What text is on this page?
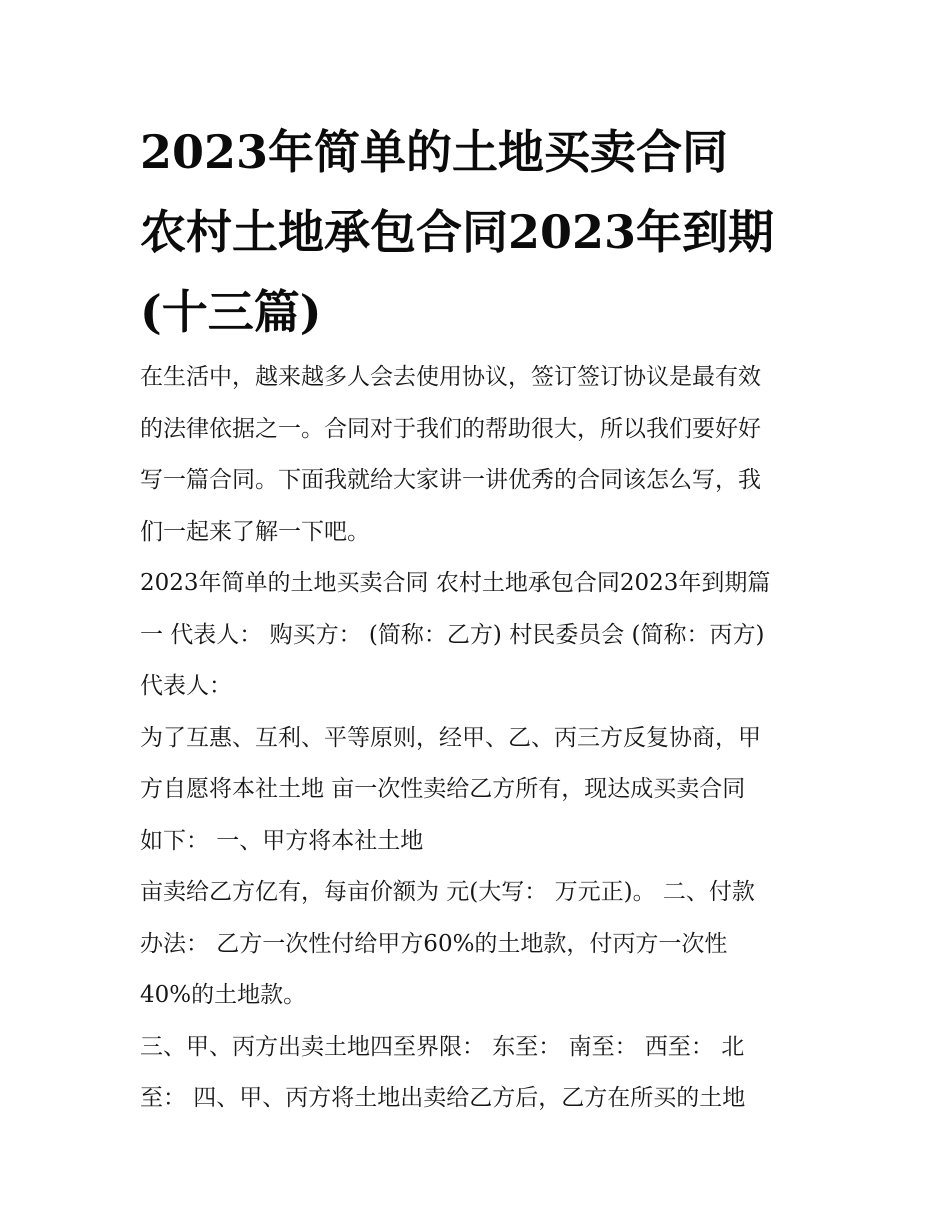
2023年简单的土地买卖合同
农村土地承包合同2023年到期
(十三篇)
在生活中，越来越多人会去使用协议，签订签订协议是最有效
的法律依据之一。合同对于我们的帮助很大，所以我们要好好
写一篇合同。下面我就给大家讲一讲优秀的合同该怎么写，我
们一起来了解一下吧。
2023年简单的土地买卖合同 农村土地承包合同2023年到期篇
一 代表人： 购买方： (简称：乙方) 村民委员会 (简称：丙方)
代表人：
为了互惠、互利、平等原则，经甲、乙、丙三方反复协商，甲
方自愿将本社土地 亩一次性卖给乙方所有，现达成买卖合同
如下： 一、甲方将本社土地
亩卖给乙方亿有，每亩价额为 元(大写： 万元正)。 二、付款
办法： 乙方一次性付给甲方60%的土地款，付丙方一次性
40%的土地款。
三、甲、丙方出卖土地四至界限： 东至： 南至： 西至： 北
至： 四、甲、丙方将土地出卖给乙方后，乙方在所买的土地
